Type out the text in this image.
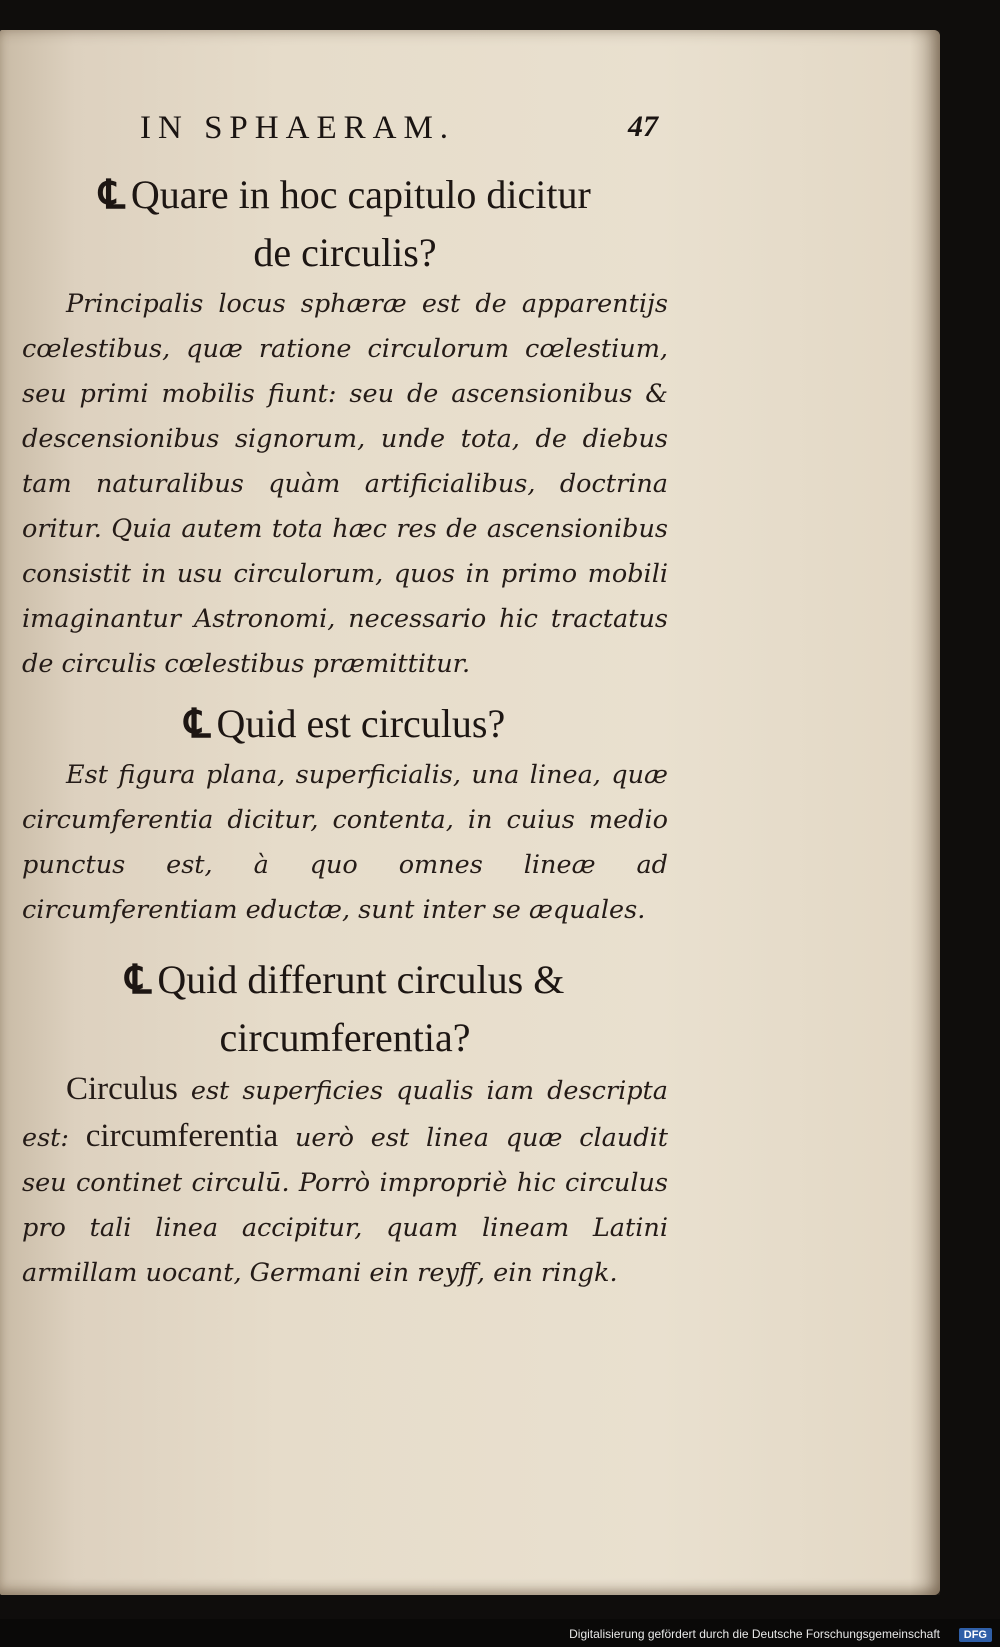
IN SPHAERAM.	47

℄ Quare in hoc capitulo dicitur

de circulis?

Principalis locus sphæræ est de apparentijs cœlestibus, quæ ratione circulorum cœlestium, seu primi mobilis fiunt: seu de ascensionibus & descensionibus signorum, unde tota, de diebus tam naturalibus quàm artificialibus, doctrina oritur. Quia autem tota hæc res de ascensionibus consistit in usu circulorum, quos in primo mobili imaginantur Astronomi, necessario hic tractatus de circulis cœlestibus præmittitur.

℄ Quid est circulus?

Est figura plana, superficialis, una linea, quæ circumferentia dicitur, contenta, in cuius medio punctus est, à quo omnes lineæ ad circumferentiam eductæ, sunt inter se æquales.

℄ Quid differunt circulus &

circumferentia?

Circulus est superficies qualis iam descripta est: circumferentia uerò est linea quæ claudit seu continet circulū. Porrò impropriè hic circulus pro tali linea accipitur, quam lineam Latini armillam uocant, Germani ein reyff, ein ringk.

Digitalisierung gefördert durch die Deutsche Forschungsgemeinschaft	DFG
